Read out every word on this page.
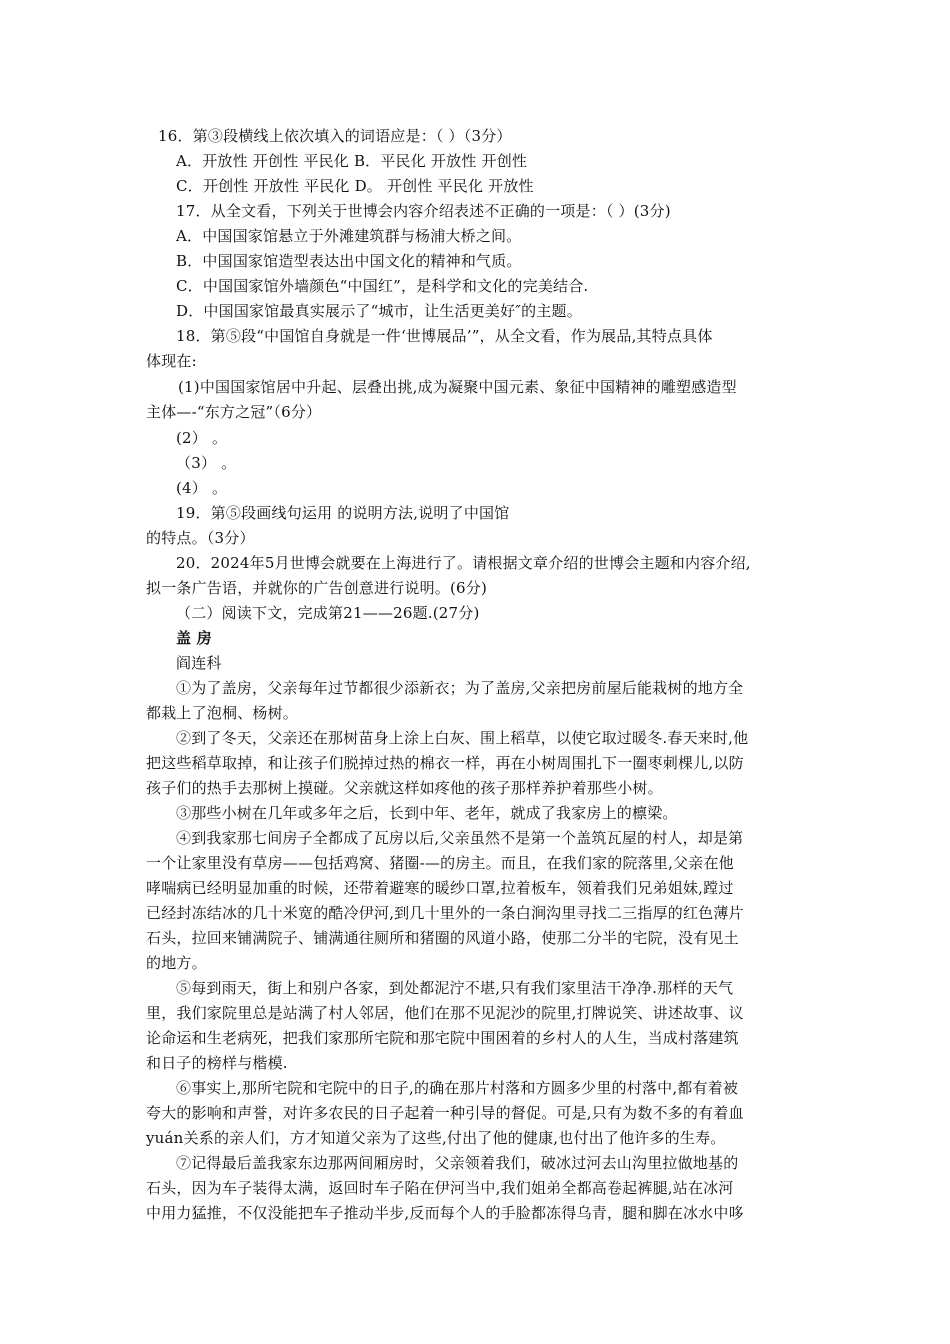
16．第③段横线上依次填入的词语应是：（ ）（3分）
A．开放性 开创性 平民化 B．平民化 开放性 开创性
C．开创性 开放性 平民化 D。 开创性 平民化 开放性
17．从全文看，下列关于世博会内容介绍表述不正确的一项是：（ ）(3分)
A．中国国家馆悬立于外滩建筑群与杨浦大桥之间。
B．中国国家馆造型表达出中国文化的精神和气质。
C．中国国家馆外墙颜色“中国红”，是科学和文化的完美结合.
D．中国国家馆最真实展示了“城市，让生活更美好″的主题。
18．第⑤段“中国馆自身就是一件‘世博展品’”，从全文看，作为展品,其特点具体
体现在:
(1)中国国家馆居中升起、层叠出挑,成为凝聚中国元素、象征中国精神的雕塑感造型
主体—-“东方之冠”（6分）
(2） 。
（3） 。
(4） 。
19．第⑤段画线句运用 的说明方法,说明了中国馆
的特点。（3分）
20．2024年5月世博会就要在上海进行了。请根据文章介绍的世博会主题和内容介绍,
拟一条广告语，并就你的广告创意进行说明。(6分)
（二）阅读下文，完成第21——26题.(27分)
盖 房
阎连科
①为了盖房，父亲每年过节都很少添新衣；为了盖房,父亲把房前屋后能栽树的地方全
都栽上了泡桐、杨树。
②到了冬天，父亲还在那树苗身上涂上白灰、围上稻草，以使它取过暖冬.春天来时,他
把这些稻草取掉，和让孩子们脱掉过热的棉衣一样，再在小树周围扎下一圈枣刺棵儿,以防
孩子们的热手去那树上摸碰。父亲就这样如疼他的孩子那样养护着那些小树。
③那些小树在几年或多年之后，长到中年、老年，就成了我家房上的檩梁。
④到我家那七间房子全都成了瓦房以后,父亲虽然不是第一个盖筑瓦屋的村人，却是第
一个让家里没有草房——包括鸡窝、猪圈-—的房主。而且，在我们家的院落里,父亲在他
哮喘病已经明显加重的时候，还带着避寒的暖纱口罩,拉着板车，领着我们兄弟姐妹,蹚过
已经封冻结冰的几十米宽的酷冷伊河,到几十里外的一条白涧沟里寻找二三指厚的红色薄片
石头，拉回来铺满院子、铺满通往厕所和猪圈的风道小路，使那二分半的宅院，没有见土
的地方。
⑤每到雨天，街上和别户各家，到处都泥泞不堪,只有我们家里洁干净净.那样的天气
里，我们家院里总是站满了村人邻居，他们在那不见泥沙的院里,打牌说笑、讲述故事、议
论命运和生老病死，把我们家那所宅院和那宅院中围困着的乡村人的人生，当成村落建筑
和日子的榜样与楷模.
⑥事实上,那所宅院和宅院中的日子,的确在那片村落和方圆多少里的村落中,都有着被
夸大的影响和声誉，对许多农民的日子起着一种引导的督促。可是,只有为数不多的有着血
yuán关系的亲人们，方才知道父亲为了这些,付出了他的健康,也付出了他许多的生寿。
⑦记得最后盖我家东边那两间厢房时，父亲领着我们，破冰过河去山沟里拉做地基的
石头，因为车子装得太满，返回时车子陷在伊河当中,我们姐弟全都高卷起裤腿,站在冰河
中用力猛推，不仅没能把车子推动半步,反而每个人的手脸都冻得乌青，腿和脚在冰水中哆
